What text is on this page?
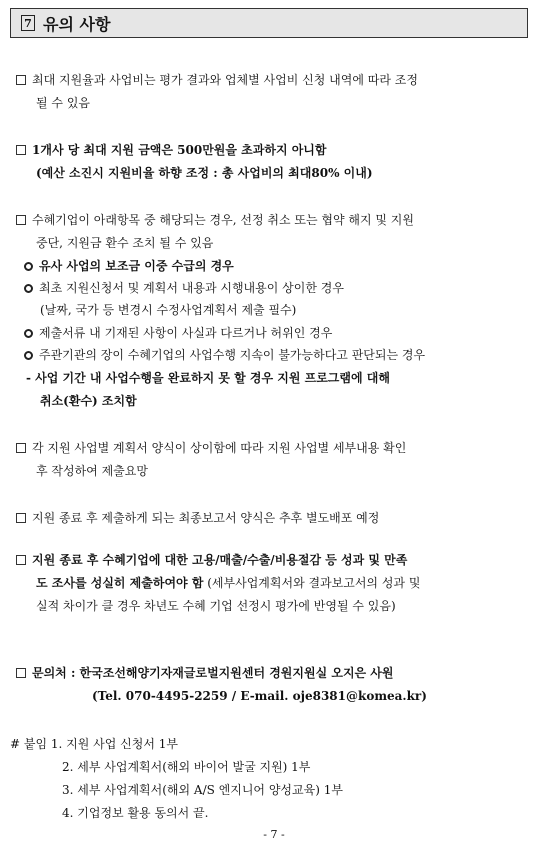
7 유의 사항
최대 지원율과 사업비는 평가 결과와 업체별 사업비 신청 내역에 따라 조정
될 수 있음
1개사 당 최대 지원 금액은 500만원을 초과하지 아니함
(예산 소진시 지원비율 하향 조정 : 총 사업비의 최대80% 이내)
수혜기업이 아래항목 중 해당되는 경우, 선정 취소 또는 협약 해지 및 지원
중단, 지원금 환수 조치 될 수 있음
유사 사업의 보조금 이중 수급의 경우
최초 지원신청서 및 계획서 내용과 시행내용이 상이한 경우
(날짜, 국가 등 변경시 수정사업계획서 제출 필수)
제출서류 내 기재된 사항이 사실과 다르거나 허위인 경우
주관기관의 장이 수혜기업의 사업수행 지속이 불가능하다고 판단되는 경우
- 사업 기간 내 사업수행을 완료하지 못 할 경우 지원 프로그램에 대해
취소(환수) 조치함
각 지원 사업별 계획서 양식이 상이함에 따라 지원 사업별 세부내용 확인
후 작성하여 제출요망
지원 종료 후 제출하게 되는 최종보고서 양식은 추후 별도배포 예정
지원 종료 후 수혜기업에 대한 고용/매출/수출/비용절감 등 성과 및 만족
도 조사를 성실히 제출하여야 함 (세부사업계획서와 결과보고서의 성과 및
실적 차이가 클 경우 차년도 수혜 기업 선정시 평가에 반영될 수 있음)
문의처 : 한국조선해양기자재글로벌지원센터 경원지원실 오지은 사원
(Tel. 070-4495-2259 / E-mail. oje8381@komea.kr)
# 붙임 1. 지원 사업 신청서 1부
2. 세부 사업계획서(해외 바이어 발굴 지원) 1부
3. 세부 사업계획서(해외 A/S 엔지니어 양성교육) 1부
4. 기업정보 활용 동의서 끝.
- 7 -
